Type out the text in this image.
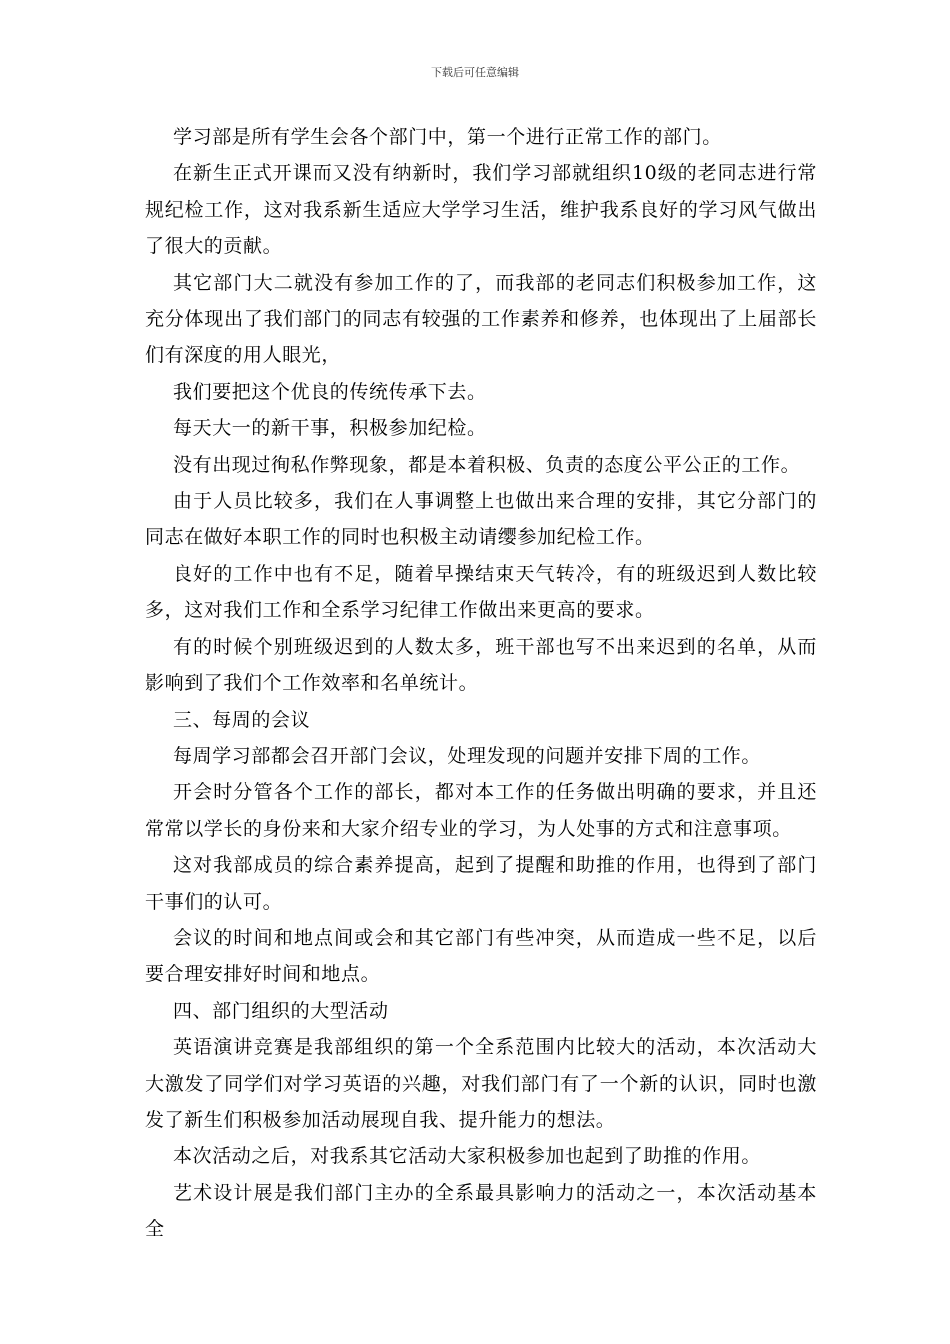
下载后可任意编辑

学习部是所有学生会各个部门中，第一个进行正常工作的部门。

在新生正式开课而又没有纳新时，我们学习部就组织10级的老同志进行常规纪检工作，这对我系新生适应大学学习生活，维护我系良好的学习风气做出了很大的贡献。

其它部门大二就没有参加工作的了，而我部的老同志们积极参加工作，这充分体现出了我们部门的同志有较强的工作素养和修养，也体现出了上届部长们有深度的用人眼光，

我们要把这个优良的传统传承下去。

每天大一的新干事，积极参加纪检。

没有出现过徇私作弊现象，都是本着积极、负责的态度公平公正的工作。

由于人员比较多，我们在人事调整上也做出来合理的安排，其它分部门的同志在做好本职工作的同时也积极主动请缨参加纪检工作。

良好的工作中也有不足，随着早操结束天气转冷，有的班级迟到人数比较多，这对我们工作和全系学习纪律工作做出来更高的要求。

有的时候个别班级迟到的人数太多，班干部也写不出来迟到的名单，从而影响到了我们个工作效率和名单统计。

三、每周的会议

每周学习部都会召开部门会议，处理发现的问题并安排下周的工作。

开会时分管各个工作的部长，都对本工作的任务做出明确的要求，并且还常常以学长的身份来和大家介绍专业的学习，为人处事的方式和注意事项。

这对我部成员的综合素养提高，起到了提醒和助推的作用，也得到了部门干事们的认可。

会议的时间和地点间或会和其它部门有些冲突，从而造成一些不足，以后要合理安排好时间和地点。

四、部门组织的大型活动

英语演讲竞赛是我部组织的第一个全系范围内比较大的活动，本次活动大大激发了同学们对学习英语的兴趣，对我们部门有了一个新的认识，同时也激发了新生们积极参加活动展现自我、提升能力的想法。

本次活动之后，对我系其它活动大家积极参加也起到了助推的作用。

艺术设计展是我们部门主办的全系最具影响力的活动之一，本次活动基本全
